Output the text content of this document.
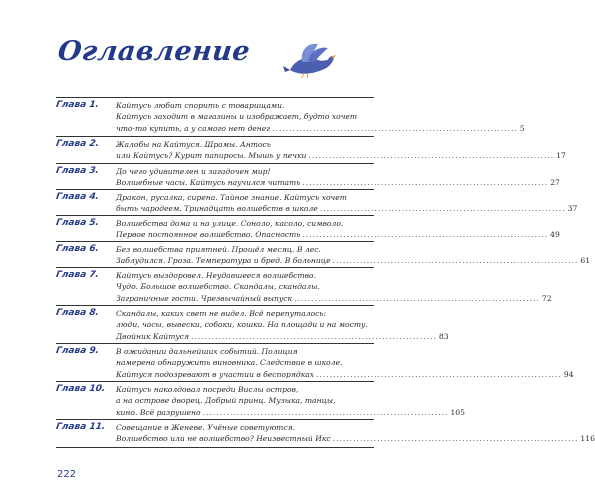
Оглавление
Глава 1.	Кайтусь любит спорить с товарищами.
Кайтусь заходит в магазины и изображает, будто хочет
что-то купить, а у самого нет денег ........................................................................ 5
Глава 2.	Жалобы на Кайтуся. Шрамы. Антось
или Кайтусь? Курит папиросы. Мышь у печки ........................................................................ 17
Глава 3.	До чего удивителен и загадочен мир!
Волшебные часы. Кайтусь научился читать ........................................................................ 27
Глава 4.	Дракон, русалка, сирена. Тайное знание. Кайтусь хочет
быть чародеем. Тринадцать волшебств в школе ........................................................................ 37
Глава 5.	Волшебства дома и на улице. Соноло, касоло, символо.
Первое постоянное волшебство. Опасность ........................................................................ 49
Глава 6.	Без волшебства приятней. Прошёл месяц. В лес.
Заблудился. Гроза. Температура и бред. В больнице ........................................................................ 61
Глава 7.	Кайтусь выздоровел. Неудавшееся волшебство.
Чудо. Большое волшебство. Скандалы, скандалы.
Заграничные гости. Чрезвычайный выпуск ........................................................................ 72
Глава 8.	Скандалы, каких свет не видел. Всё перепуталось:
люди, часы, вывески, собаки, кошки. На площади и на мосту.
Двойник Кайтуся ........................................................................ 83
Глава 9.	В ожидании дальнейших событий. Полиция
намерена обнаружить виновника. Следствие в школе.
Кайтуся подозревают в участии в беспорядках ........................................................................ 94
Глава 10.	Кайтусь наколдовал посреди Вислы остров,
а на острове дворец. Добрый принц. Музыка, танцы,
кино. Всё разрушено ........................................................................ 105
Глава 11.	Совещание в Женеве. Учёные советуются.
Волшебство или не волшебство? Неизвестный Икс ........................................................................ 116
222
